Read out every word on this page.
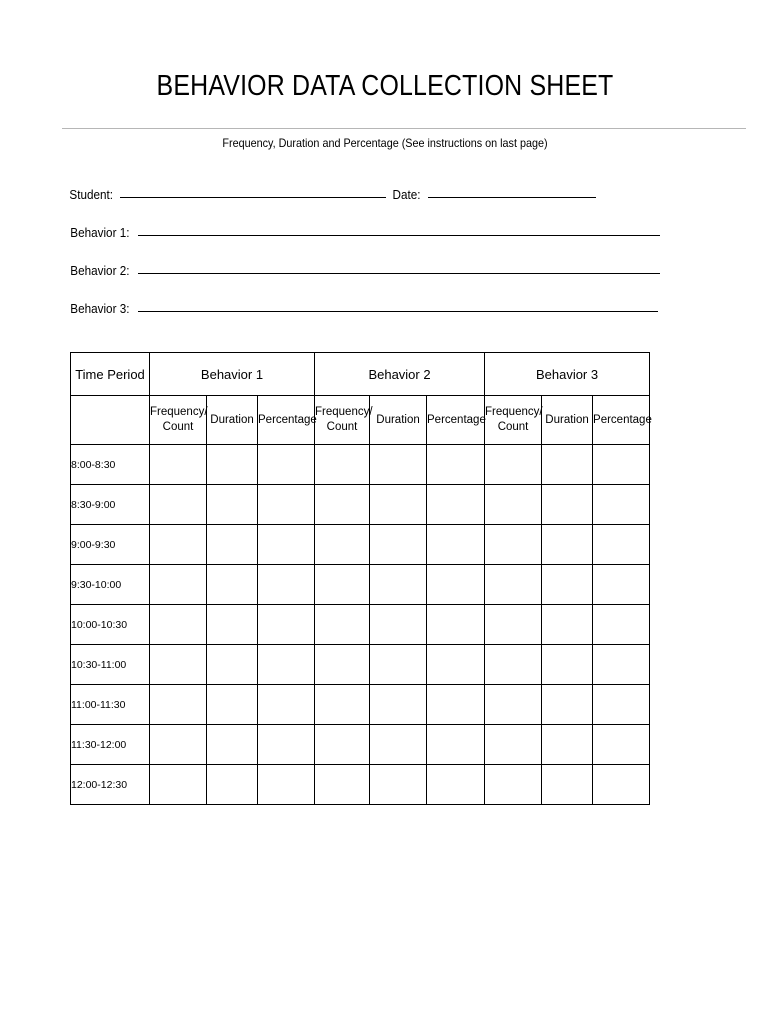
BEHAVIOR DATA COLLECTION SHEET
Frequency, Duration and Percentage (See instructions on last page)
Student:	Date:
Behavior 1:
Behavior 2:
Behavior 3:
Time Period	Behavior 1			Behavior 2			Behavior 3		
	Frequency/ Count	Duration	Percentage	Frequency/ Count	Duration	Percentage	Frequency/ Count	Duration	Percentage
8:00-8:30									
8:30-9:00									
9:00-9:30									
9:30-10:00									
10:00-10:30									
10:30-11:00									
11:00-11:30									
11:30-12:00									
12:00-12:30									
